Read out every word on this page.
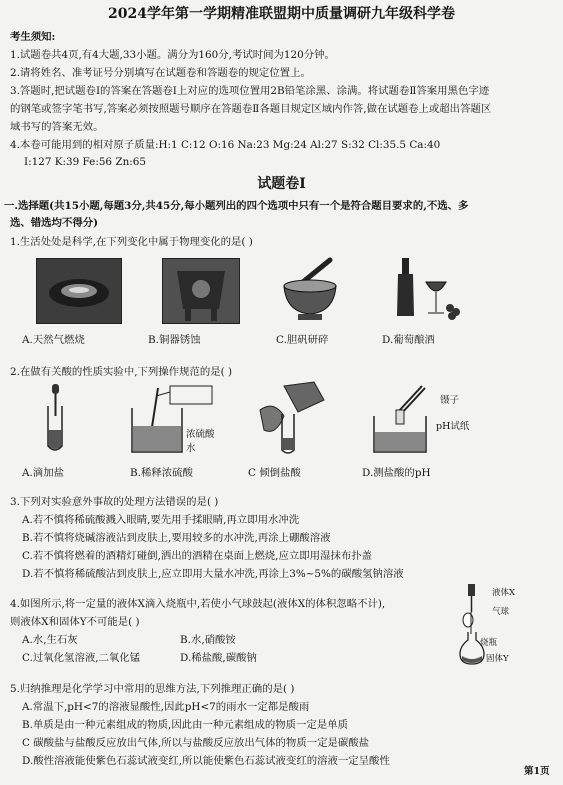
2024学年第一学期精准联盟期中质量调研九年级科学卷
考生须知:
1.试题卷共4页,有4大题,33小题。满分为160分,考试时间为120分钟。
2.请将姓名、准考证号分别填写在试题卷和答题卷的规定位置上。
3.答题时,把试题卷Ⅰ的答案在答题卷Ⅰ上对应的选项位置用2B铅笔涂黑、涂满。将试题卷Ⅱ答案用黑色字迹
的钢笔或签字笔书写,答案必须按照题号顺序在答题卷Ⅱ各题目规定区域内作答,做在试题卷上或超出答题区
域书写的答案无效。
4.本卷可能用到的相对原子质量:H:1 C:12 O:16 Na:23 Mg:24 Al:27 S:32 Cl:35.5 Ca:40
I:127 K:39 Fe:56 Zn:65
试题卷Ⅰ
一.选择题(共15小题,每题3分,共45分,每小题列出的四个选项中只有一个是符合题目要求的,不选、多
选、错选均不得分)
1.生活处处是科学,在下列变化中属于物理变化的是( )
A.天然气燃烧	B.铜器锈蚀	C.胆矾研碎	D.葡萄酿酒
2.在做有关酸的性质实验中,下列操作规范的是( )
浓硫酸
水
镊子
pH试纸
A.滴加盐	B.稀释浓硫酸	C 倾倒盐酸	D.测盐酸的pH
3.下列对实验意外事故的处理方法错误的是( )
A.若不慎将稀硫酸溅入眼睛,要先用手揉眼睛,再立即用水冲洗
B.若不慎将烧碱溶液沾到皮肤上,要用较多的水冲洗,再涂上硼酸溶液
C.若不慎将燃着的酒精灯碰倒,洒出的酒精在桌面上燃烧,应立即用湿抹布扑盖
D.若不慎将稀硫酸沾到皮肤上,应立即用大量水冲洗,再涂上3%~5%的碳酸氢钠溶液
4.如图所示,将一定量的液体X滴入烧瓶中,若使小气球鼓起(液体X的体积忽略不计),
则液体X和固体Y不可能是( )
A.水,生石灰	B.水,硝酸铵
C.过氧化氢溶液,二氧化锰	D.稀盐酸,碳酸钠
液体X
气球
烧瓶
固体Y
5.归纳推理是化学学习中常用的思维方法,下列推理正确的是( )
A.常温下,pH<7的溶液显酸性,因此pH<7的雨水一定都是酸雨
B.单质是由一种元素组成的物质,因此由一种元素组成的物质一定是单质
C 碳酸盐与盐酸反应放出气体,所以与盐酸反应放出气体的物质一定是碳酸盐
D.酸性溶液能使紫色石蕊试液变红,所以能使紫色石蕊试液变红的溶液一定呈酸性
第1页
